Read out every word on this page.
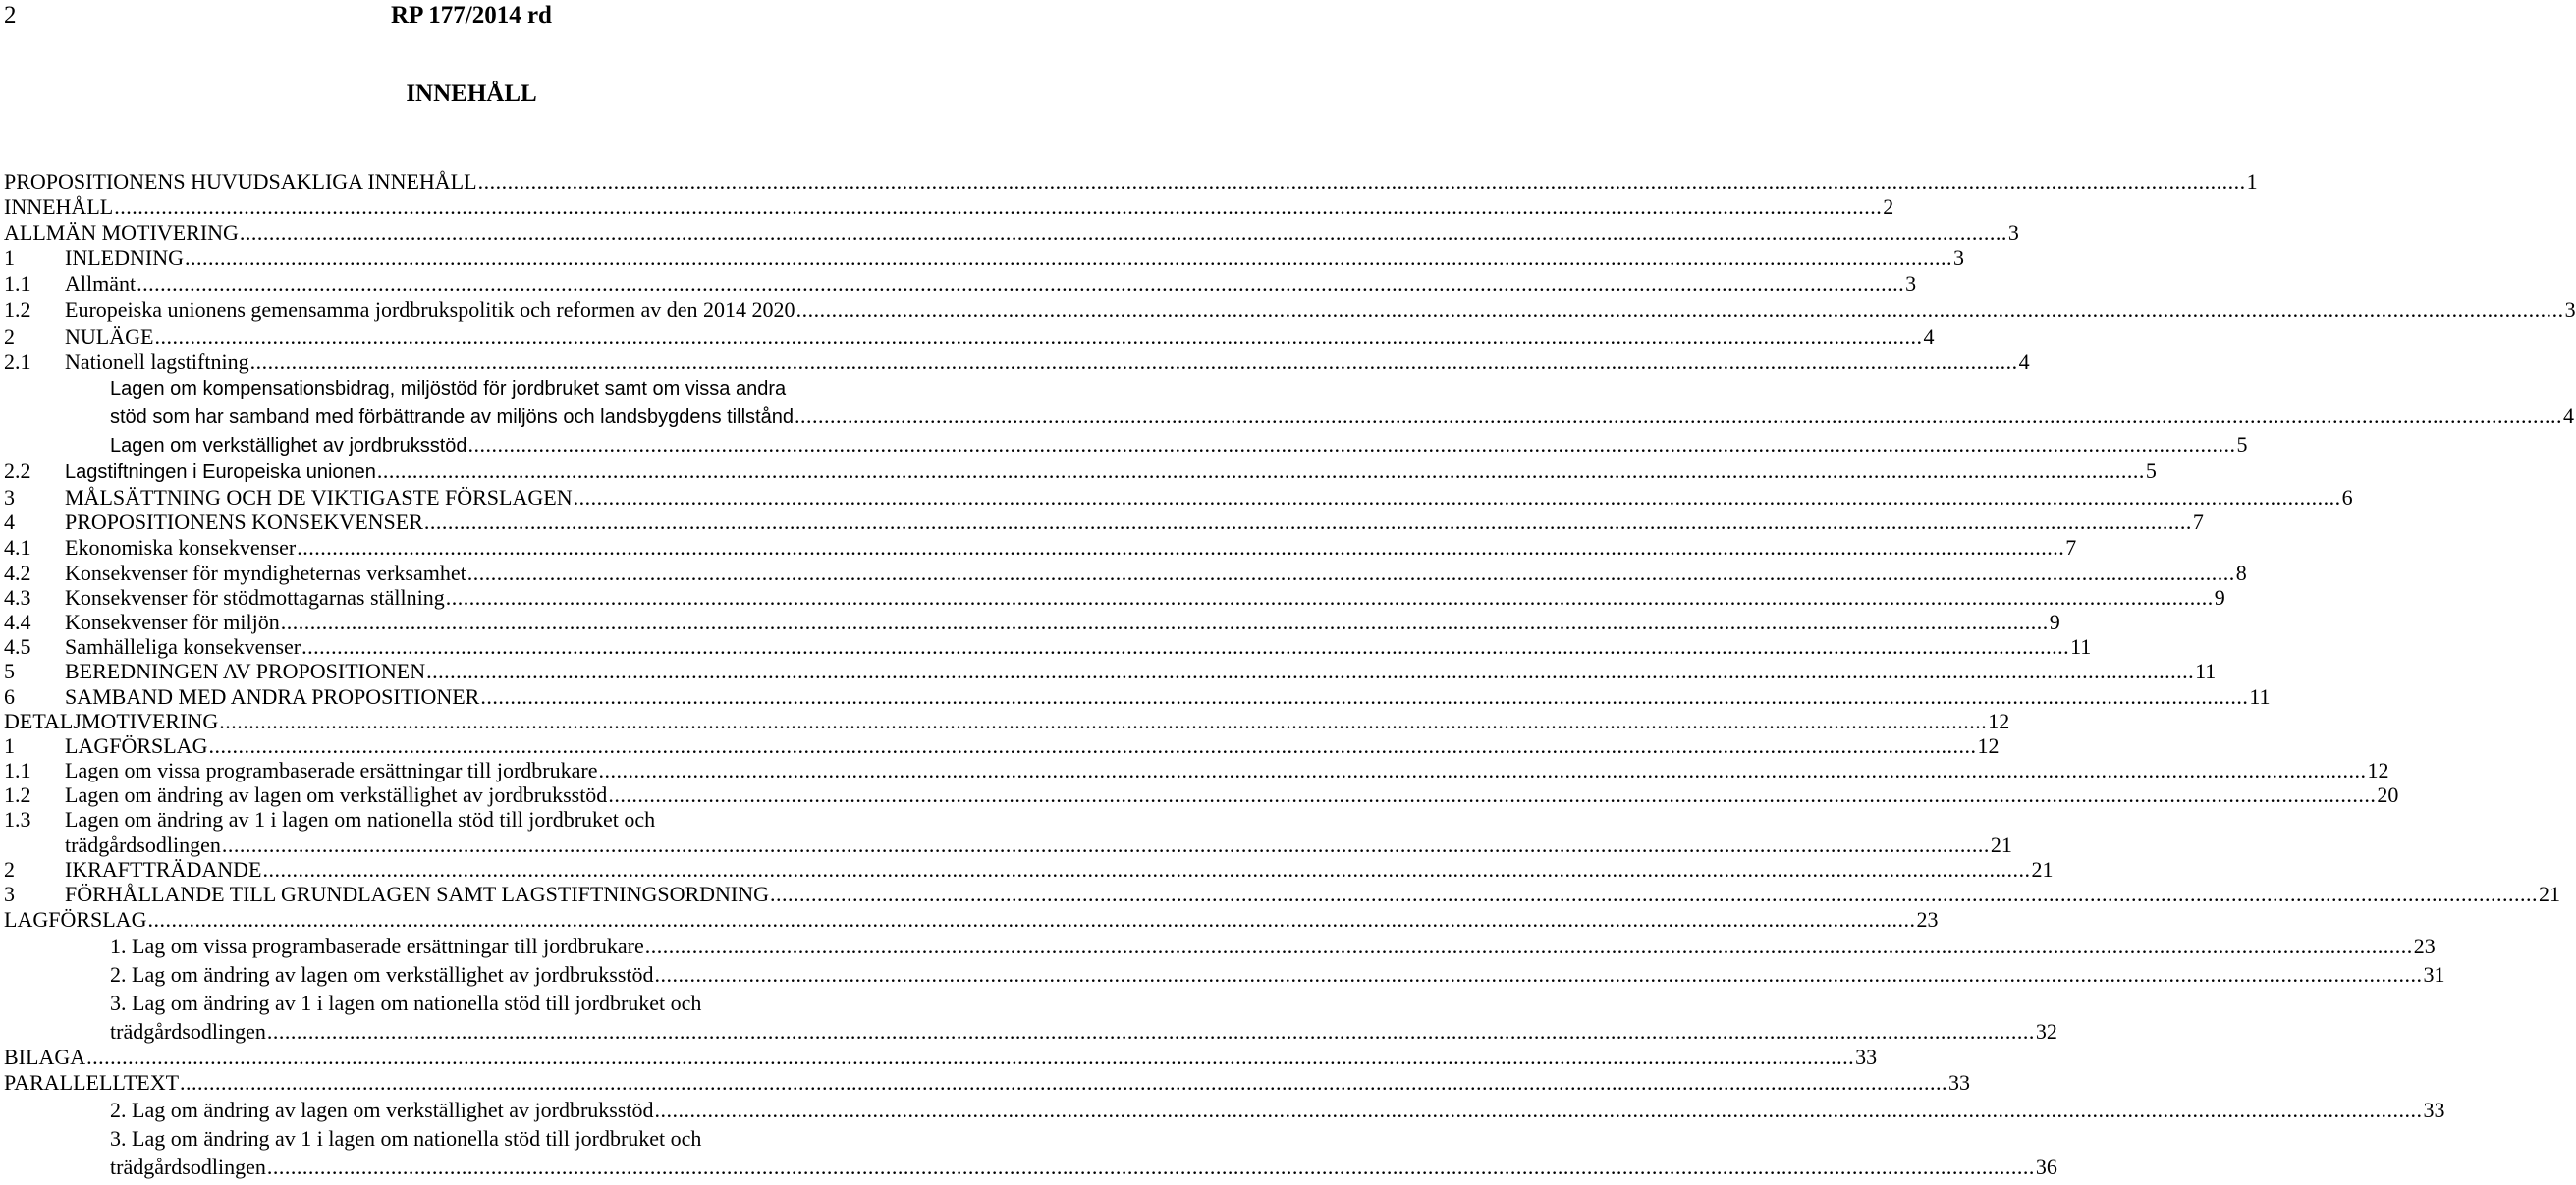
2	RP 177/2014 rd
INNEHÅLL
PROPOSITIONENS HUVUDSAKLIGA INNEHÅLL ............................................................................................................................................................................................................................................................................................................ 1
INNEHÅLL ............................................................................................................................................................................................................................................................................................................ 2
ALLMÄN MOTIVERING ............................................................................................................................................................................................................................................................................................................ 3
1 INLEDNING ............................................................................................................................................................................................................................................................................................................ 3
1.1 Allmänt ............................................................................................................................................................................................................................................................................................................ 3
1.2 Europeiska unionens gemensamma jordbrukspolitik och reformen av den 2014 2020 ............................................................................................................................................................................................................................................................................................................ 3
2 NULÄGE ............................................................................................................................................................................................................................................................................................................ 4
2.1 Nationell lagstiftning ............................................................................................................................................................................................................................................................................................................ 4
Lagen om kompensationsbidrag, miljöstöd för jordbruket samt om vissa andra
stöd som har samband med förbättrande av miljöns och landsbygdens tillstånd ............................................................................................................................................................................................................................................................................................................ 4
Lagen om verkställighet av jordbruksstöd ............................................................................................................................................................................................................................................................................................................ 5
2.2 Lagstiftningen i Europeiska unionen ............................................................................................................................................................................................................................................................................................................ 5
3 MÅLSÄTTNING OCH DE VIKTIGASTE FÖRSLAGEN ............................................................................................................................................................................................................................................................................................................ 6
4 PROPOSITIONENS KONSEKVENSER ............................................................................................................................................................................................................................................................................................................ 7
4.1 Ekonomiska konsekvenser ............................................................................................................................................................................................................................................................................................................ 7
4.2 Konsekvenser för myndigheternas verksamhet ............................................................................................................................................................................................................................................................................................................ 8
4.3 Konsekvenser för stödmottagarnas ställning ............................................................................................................................................................................................................................................................................................................ 9
4.4 Konsekvenser för miljön ............................................................................................................................................................................................................................................................................................................ 9
4.5 Samhälleliga konsekvenser ............................................................................................................................................................................................................................................................................................................ 11
5 BEREDNINGEN AV PROPOSITIONEN ............................................................................................................................................................................................................................................................................................................ 11
6 SAMBAND MED ANDRA PROPOSITIONER ............................................................................................................................................................................................................................................................................................................ 11
DETALJMOTIVERING ............................................................................................................................................................................................................................................................................................................ 12
1 LAGFÖRSLAG ............................................................................................................................................................................................................................................................................................................ 12
1.1 Lagen om vissa programbaserade ersättningar till jordbrukare ............................................................................................................................................................................................................................................................................................................ 12
1.2 Lagen om ändring av lagen om verkställighet av jordbruksstöd ............................................................................................................................................................................................................................................................................................................ 20
1.3 Lagen om ändring av 1 i lagen om nationella stöd till jordbruket och
trädgårdsodlingen ............................................................................................................................................................................................................................................................................................................ 21
2 IKRAFTTRÄDANDE ............................................................................................................................................................................................................................................................................................................ 21
3 FÖRHÅLLANDE TILL GRUNDLAGEN SAMT LAGSTIFTNINGSORDNING ............................................................................................................................................................................................................................................................................................................ 21
LAGFÖRSLAG ............................................................................................................................................................................................................................................................................................................ 23
1. Lag om vissa programbaserade ersättningar till jordbrukare ............................................................................................................................................................................................................................................................................................................ 23
2. Lag om ändring av lagen om verkställighet av jordbruksstöd ............................................................................................................................................................................................................................................................................................................ 31
3. Lag om ändring av 1 i lagen om nationella stöd till jordbruket och
trädgårdsodlingen ............................................................................................................................................................................................................................................................................................................ 32
BILAGA ............................................................................................................................................................................................................................................................................................................ 33
PARALLELLTEXT ............................................................................................................................................................................................................................................................................................................ 33
2. Lag om ändring av lagen om verkställighet av jordbruksstöd ............................................................................................................................................................................................................................................................................................................ 33
3. Lag om ändring av 1 i lagen om nationella stöd till jordbruket och
trädgårdsodlingen ............................................................................................................................................................................................................................................................................................................ 36
